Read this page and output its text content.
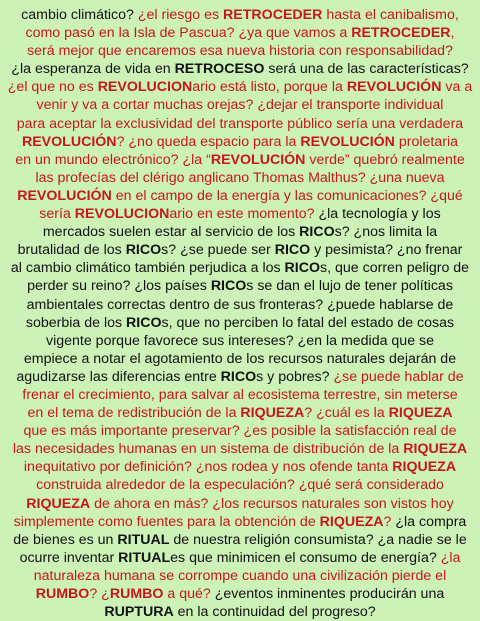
cambio climático? ¿el riesgo es RETROCEDER hasta el canibalismo,
como pasó en la Isla de Pascua? ¿ya que vamos a RETROCEDER,
será mejor que encaremos esa nueva historia con responsabilidad?
¿la esperanza de vida en RETROCESO será una de las características?
¿el que no es REVOLUCIONario está listo, porque la REVOLUCIÓN va a
venir y va a cortar muchas orejas? ¿dejar el transporte individual
para aceptar la exclusividad del transporte público sería una verdadera
REVOLUCIÓN? ¿no queda espacio para la REVOLUCIÓN proletaria
en un mundo electrónico? ¿la “REVOLUCIÓN verde” quebró realmente
las profecías del clérigo anglicano Thomas Malthus? ¿una nueva
REVOLUCIÓN en el campo de la energía y las comunicaciones? ¿qué
sería REVOLUCIONario en este momento? ¿la tecnología y los
mercados suelen estar al servicio de los RICOs? ¿nos limita la
brutalidad de los RICOs? ¿se puede ser RICO y pesimista? ¿no frenar
al cambio climático también perjudica a los RICOs, que corren peligro de
perder su reino? ¿los países RICOs se dan el lujo de tener políticas
ambientales correctas dentro de sus fronteras? ¿puede hablarse de
soberbia de los RICOs, que no perciben lo fatal del estado de cosas
vigente porque favorece sus intereses? ¿en la medida que se
empiece a notar el agotamiento de los recursos naturales dejarán de
agudizarse las diferencias entre RICOs y pobres? ¿se puede hablar de
frenar el crecimiento, para salvar al ecosistema terrestre, sin meterse
en el tema de redistribución de la RIQUEZA? ¿cuál es la RIQUEZA
que es más importante preservar? ¿es posible la satisfacción real de
las necesidades humanas en un sistema de distribución de la RIQUEZA
inequitativo por definición? ¿nos rodea y nos ofende tanta RIQUEZA
construida alrededor de la especulación? ¿qué será considerado
RIQUEZA de ahora en más? ¿los recursos naturales son vistos hoy
simplemente como fuentes para la obtención de RIQUEZA? ¿la compra
de bienes es un RITUAL de nuestra religión consumista? ¿a nadie se le
ocurre inventar RITUALes que minimicen el consumo de energía? ¿la
naturaleza humana se corrompe cuando una civilización pierde el
RUMBO? ¿RUMBO a qué? ¿eventos inminentes producirán una
RUPTURA en la continuidad del progreso?
